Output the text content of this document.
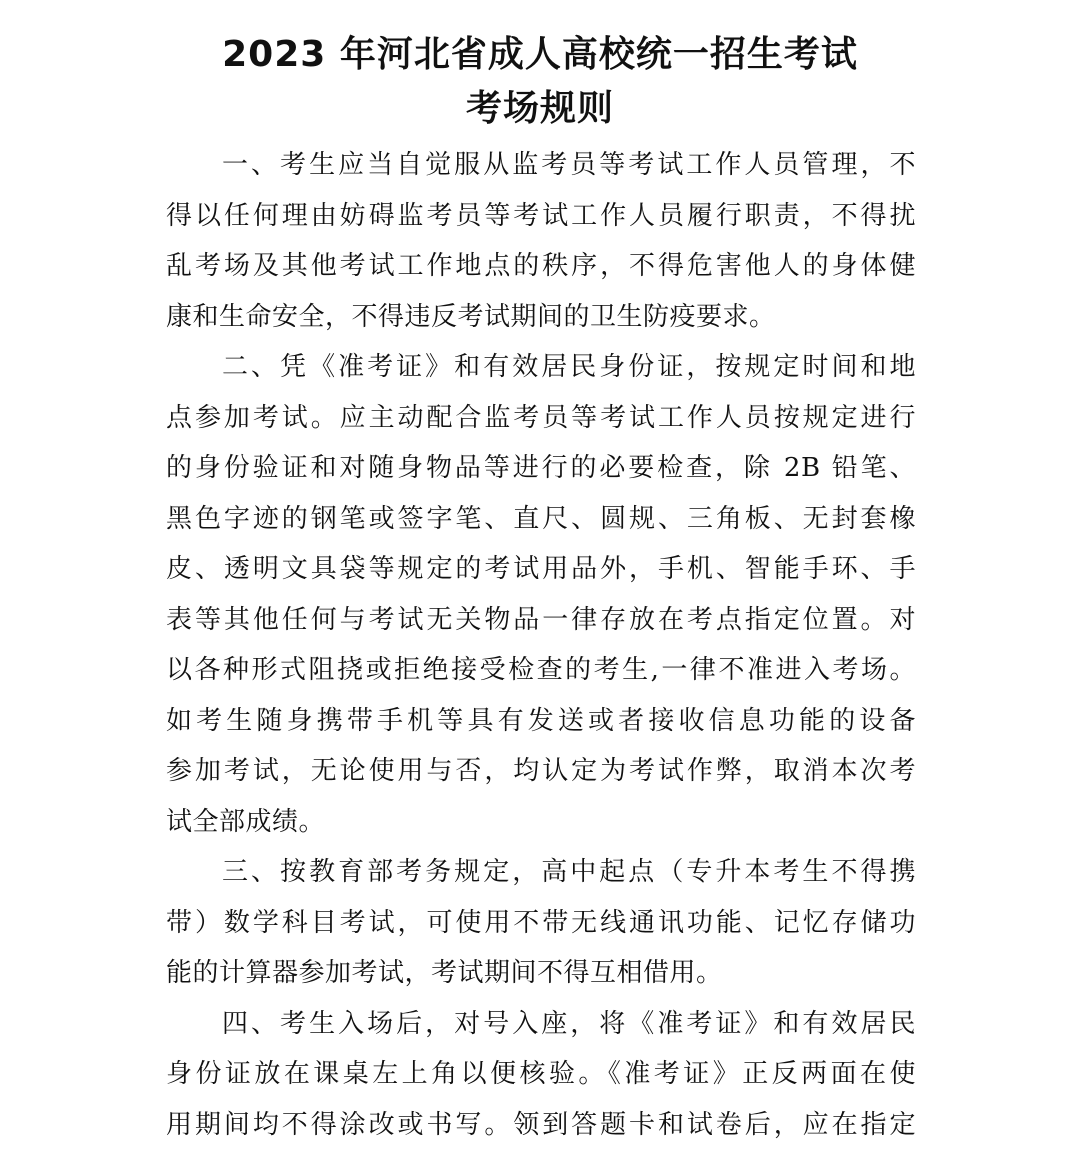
2023 年河北省成人高校统一招生考试
考场规则
一、考生应当自觉服从监考员等考试工作人员管理，不
得以任何理由妨碍监考员等考试工作人员履行职责，不得扰
乱考场及其他考试工作地点的秩序，不得危害他人的身体健
康和生命安全，不得违反考试期间的卫生防疫要求。
二、凭《准考证》和有效居民身份证，按规定时间和地
点参加考试。应主动配合监考员等考试工作人员按规定进行
的身份验证和对随身物品等进行的必要检查，除 2B 铅笔、
黑色字迹的钢笔或签字笔、直尺、圆规、三角板、无封套橡
皮、透明文具袋等规定的考试用品外，手机、智能手环、手
表等其他任何与考试无关物品一律存放在考点指定位置。对
以各种形式阻挠或拒绝接受检查的考生,一律不准进入考场。
如考生随身携带手机等具有发送或者接收信息功能的设备
参加考试，无论使用与否，均认定为考试作弊，取消本次考
试全部成绩。
三、按教育部考务规定，高中起点（专升本考生不得携
带）数学科目考试，可使用不带无线通讯功能、记忆存储功
能的计算器参加考试，考试期间不得互相借用。
四、考生入场后，对号入座，将《准考证》和有效居民
身份证放在课桌左上角以便核验。《准考证》正反两面在使
用期间均不得涂改或书写。领到答题卡和试卷后，应在指定
